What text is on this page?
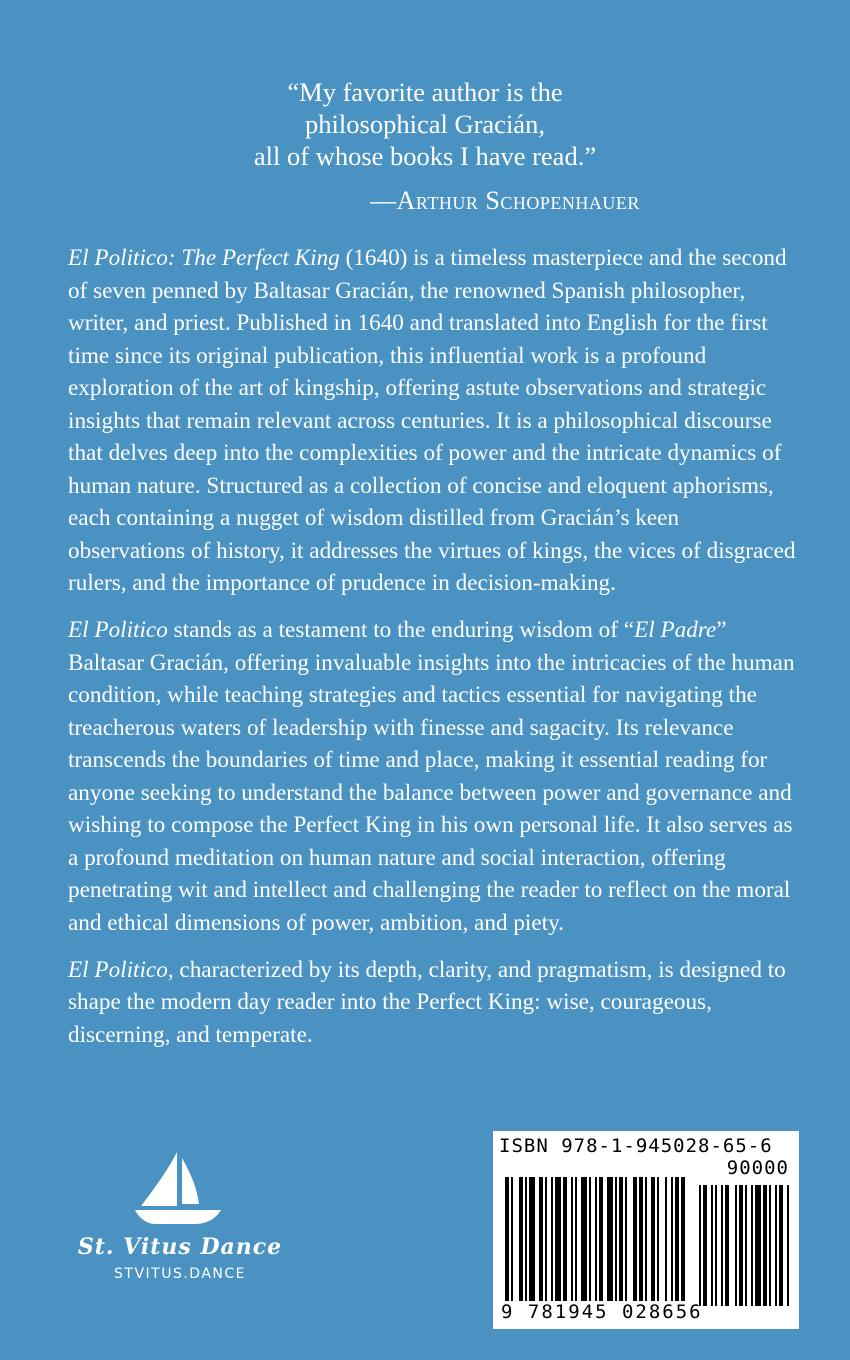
“My favorite author is the
philosophical Gracián,
all of whose books I have read.”
—Arthur Schopenhauer

El Politico: The Perfect King (1640) is a timeless masterpiece and the second of seven penned by Baltasar Gracián, the renowned Spanish philosopher, writer, and priest. Published in 1640 and translated into English for the first time since its original publication, this influential work is a profound exploration of the art of kingship, offering astute observations and strategic insights that remain relevant across centuries. It is a philosophical discourse that delves deep into the complexities of power and the intricate dynamics of human nature. Structured as a collection of concise and eloquent aphorisms, each containing a nugget of wisdom distilled from Gracián’s keen observations of history, it addresses the virtues of kings, the vices of disgraced rulers, and the importance of prudence in decision-making.

El Politico stands as a testament to the enduring wisdom of “El Padre” Baltasar Gracián, offering invaluable insights into the intricacies of the human condition, while teaching strategies and tactics essential for navigating the treacherous waters of leadership with finesse and sagacity. Its relevance transcends the boundaries of time and place, making it essential reading for anyone seeking to understand the balance between power and governance and wishing to compose the Perfect King in his own personal life. It also serves as a profound meditation on human nature and social interaction, offering penetrating wit and intellect and challenging the reader to reflect on the moral and ethical dimensions of power, ambition, and piety.

El Politico, characterized by its depth, clarity, and pragmatism, is designed to shape the modern day reader into the Perfect King: wise, courageous, discerning, and temperate.

St. Vitus Dance
STVITUS.DANCE
ISBN 978-1-945028-65-6
90000
9 781945 028656
